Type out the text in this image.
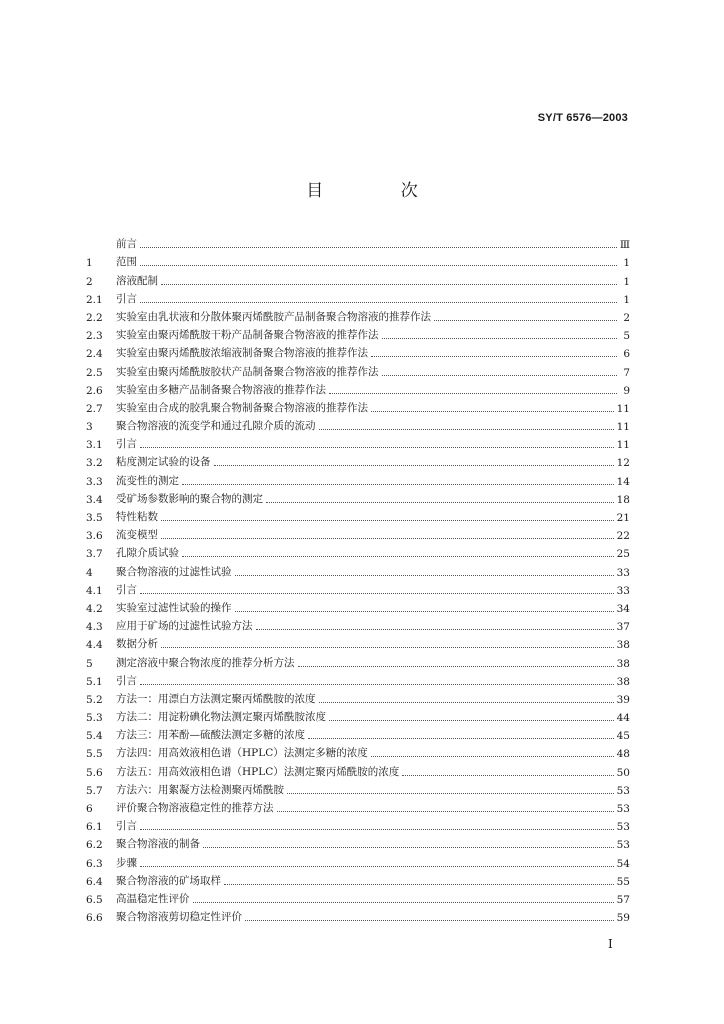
SY/T 6576—2003
目 次
前言	Ⅲ
1	范围	1
2	溶液配制	1
2.1	引言	1
2.2	实验室由乳状液和分散体聚丙烯酰胺产品制备聚合物溶液的推荐作法	2
2.3	实验室由聚丙烯酰胺干粉产品制备聚合物溶液的推荐作法	5
2.4	实验室由聚丙烯酰胺浓缩液制备聚合物溶液的推荐作法	6
2.5	实验室由聚丙烯酰胺胶状产品制备聚合物溶液的推荐作法	7
2.6	实验室由多糖产品制备聚合物溶液的推荐作法	9
2.7	实验室由合成的胶乳聚合物制备聚合物溶液的推荐作法	11
3	聚合物溶液的流变学和通过孔隙介质的流动	11
3.1	引言	11
3.2	粘度测定试验的设备	12
3.3	流变性的测定	14
3.4	受矿场参数影响的聚合物的测定	18
3.5	特性粘数	21
3.6	流变模型	22
3.7	孔隙介质试验	25
4	聚合物溶液的过滤性试验	33
4.1	引言	33
4.2	实验室过滤性试验的操作	34
4.3	应用于矿场的过滤性试验方法	37
4.4	数据分析	38
5	测定溶液中聚合物浓度的推荐分析方法	38
5.1	引言	38
5.2	方法一：用漂白方法测定聚丙烯酰胺的浓度	39
5.3	方法二：用淀粉碘化物法测定聚丙烯酰胺浓度	44
5.4	方法三：用苯酚—硫酸法测定多糖的浓度	45
5.5	方法四：用高效液相色谱（HPLC）法测定多糖的浓度	48
5.6	方法五：用高效液相色谱（HPLC）法测定聚丙烯酰胺的浓度	50
5.7	方法六：用絮凝方法检测聚丙烯酰胺	53
6	评价聚合物溶液稳定性的推荐方法	53
6.1	引言	53
6.2	聚合物溶液的制备	53
6.3	步骤	54
6.4	聚合物溶液的矿场取样	55
6.5	高温稳定性评价	57
6.6	聚合物溶液剪切稳定性评价	59
Ⅰ
